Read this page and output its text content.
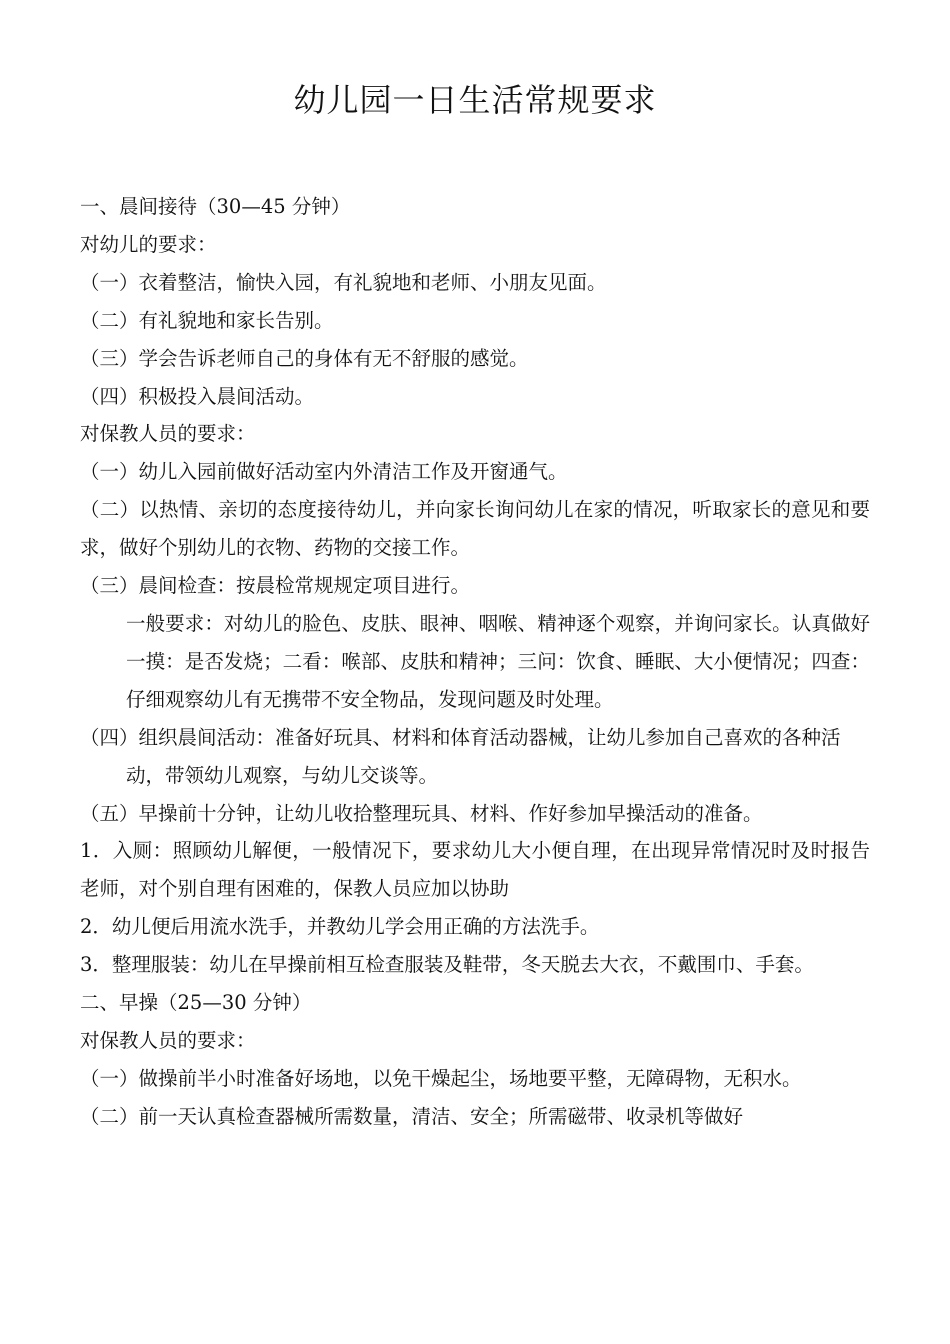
幼儿园一日生活常规要求

一、晨间接待（30—45 分钟）

对幼儿的要求：

（一）衣着整洁，愉快入园，有礼貌地和老师、小朋友见面。

（二）有礼貌地和家长告别。

（三）学会告诉老师自己的身体有无不舒服的感觉。

（四）积极投入晨间活动。

对保教人员的要求：

（一）幼儿入园前做好活动室内外清洁工作及开窗通气。

（二）以热情、亲切的态度接待幼儿，并向家长询问幼儿在家的情况，听取家长的意见和要求，做好个别幼儿的衣物、药物的交接工作。

（三）晨间检查：按晨检常规规定项目进行。

一般要求：对幼儿的脸色、皮肤、眼神、咽喉、精神逐个观察，并询问家长。认真做好一摸：是否发烧；二看：喉部、皮肤和精神；三问：饮食、睡眠、大小便情况；四查：仔细观察幼儿有无携带不安全物品，发现问题及时处理。

（四）组织晨间活动：准备好玩具、材料和体育活动器械，让幼儿参加自己喜欢的各种活动，带领幼儿观察，与幼儿交谈等。

（五）早操前十分钟，让幼儿收拾整理玩具、材料、作好参加早操活动的准备。

1．入厕：照顾幼儿解便，一般情况下，要求幼儿大小便自理，在出现异常情况时及时报告老师，对个别自理有困难的，保教人员应加以协助

2．幼儿便后用流水洗手，并教幼儿学会用正确的方法洗手。

3．整理服装：幼儿在早操前相互检查服装及鞋带，冬天脱去大衣，不戴围巾、手套。

二、早操（25—30 分钟）

对保教人员的要求：

（一）做操前半小时准备好场地，以免干燥起尘，场地要平整，无障碍物，无积水。

（二）前一天认真检查器械所需数量，清洁、安全；所需磁带、收录机等做好
